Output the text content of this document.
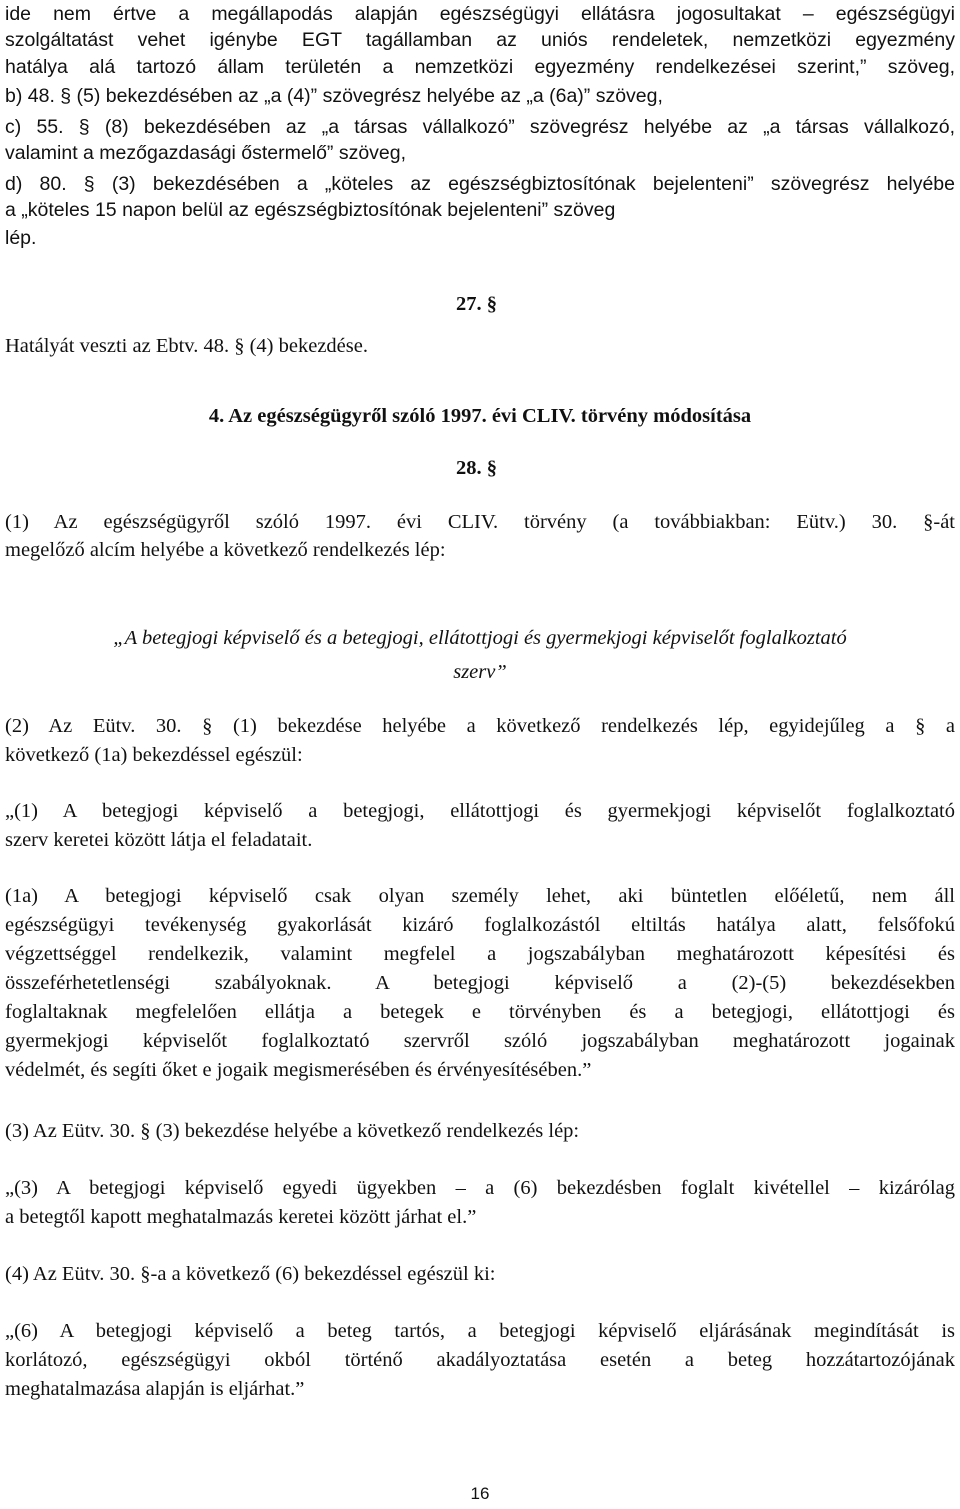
ide nem értve a megállapodás alapján egészségügyi ellátásra jogosultakat – egészségügyi
szolgáltatást vehet igénybe EGT tagállamban az uniós rendeletek, nemzetközi egyezmény
hatálya alá tartozó állam területén a nemzetközi egyezmény rendelkezései szerint,” szöveg,
b) 48. § (5) bekezdésében az „a (4)” szövegrész helyébe az „a (6a)” szöveg,
c) 55. § (8) bekezdésében az „a társas vállalkozó” szövegrész helyébe az „a társas vállalkozó,
valamint a mezőgazdasági őstermelő” szöveg,
d) 80. § (3) bekezdésében a „köteles az egészségbiztosítónak bejelenteni” szövegrész helyébe
a „köteles 15 napon belül az egészségbiztosítónak bejelenteni” szöveg
lép.
27. §
Hatályát veszti az Ebtv. 48. § (4) bekezdése.
4. Az egészségügyről szóló 1997. évi CLIV. törvény módosítása
28. §
(1) Az egészségügyről szóló 1997. évi CLIV. törvény (a továbbiakban: Eütv.) 30. §-át
megelőző alcím helyébe a következő rendelkezés lép:
„A betegjogi képviselő és a betegjogi, ellátottjogi és gyermekjogi képviselőt foglalkoztató
szerv”
(2) Az Eütv. 30. § (1) bekezdése helyébe a következő rendelkezés lép, egyidejűleg a § a
következő (1a) bekezdéssel egészül:
„(1) A betegjogi képviselő a betegjogi, ellátottjogi és gyermekjogi képviselőt foglalkoztató
szerv keretei között látja el feladatait.
(1a) A betegjogi képviselő csak olyan személy lehet, aki büntetlen előéletű, nem áll
egészségügyi tevékenység gyakorlását kizáró foglalkozástól eltiltás hatálya alatt, felsőfokú
végzettséggel rendelkezik, valamint megfelel a jogszabályban meghatározott képesítési és
összeférhetetlenségi szabályoknak. A betegjogi képviselő a (2)-(5) bekezdésekben
foglaltaknak megfelelően ellátja a betegek e törvényben és a betegjogi, ellátottjogi és
gyermekjogi képviselőt foglalkoztató szervről szóló jogszabályban meghatározott jogainak
védelmét, és segíti őket e jogaik megismerésében és érvényesítésében.”
(3) Az Eütv. 30. § (3) bekezdése helyébe a következő rendelkezés lép:
„(3) A betegjogi képviselő egyedi ügyekben – a (6) bekezdésben foglalt kivétellel – kizárólag
a betegtől kapott meghatalmazás keretei között járhat el.”
(4) Az Eütv. 30. §-a a következő (6) bekezdéssel egészül ki:
„(6) A betegjogi képviselő a beteg tartós, a betegjogi képviselő eljárásának megindítását is
korlátozó, egészségügyi okból történő akadályoztatása esetén a beteg hozzátartozójának
meghatalmazása alapján is eljárhat.”
16
